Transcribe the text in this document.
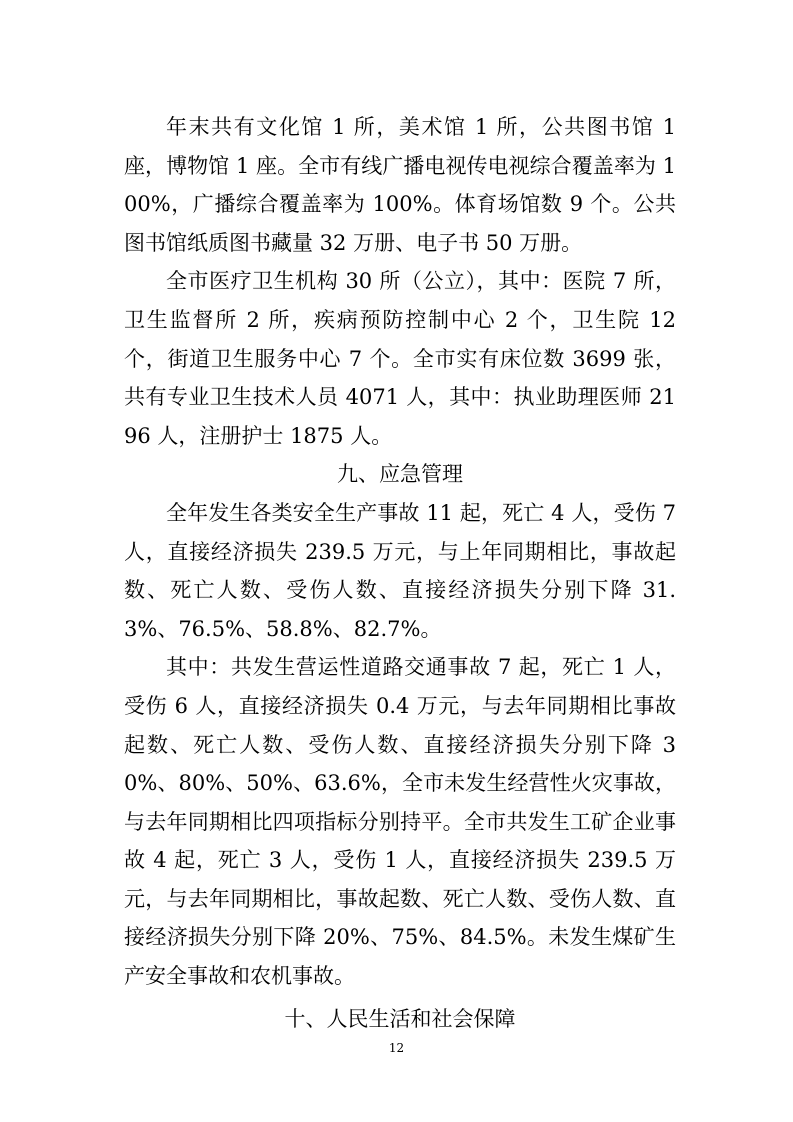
年末共有文化馆 1 所，美术馆 1 所，公共图书馆 1 座，博物馆 1 座。全市有线广播电视传电视综合覆盖率为 100%，广播综合覆盖率为 100%。体育场馆数 9 个。公共图书馆纸质图书藏量 32 万册、电子书 50 万册。

全市医疗卫生机构 30 所（公立），其中：医院 7 所，卫生监督所 2 所，疾病预防控制中心 2 个，卫生院 12 个，街道卫生服务中心 7 个。全市实有床位数 3699 张，共有专业卫生技术人员 4071 人，其中：执业助理医师 2196 人，注册护士 1875 人。

九、应急管理

全年发生各类安全生产事故 11 起，死亡 4 人，受伤 7 人，直接经济损失 239.5 万元，与上年同期相比，事故起数、死亡人数、受伤人数、直接经济损失分别下降 31.3%、76.5%、58.8%、82.7%。

其中：共发生营运性道路交通事故 7 起，死亡 1 人，受伤 6 人，直接经济损失 0.4 万元，与去年同期相比事故起数、死亡人数、受伤人数、直接经济损失分别下降 30%、80%、50%、63.6%，全市未发生经营性火灾事故，与去年同期相比四项指标分别持平。全市共发生工矿企业事故 4 起，死亡 3 人，受伤 1 人，直接经济损失 239.5 万元，与去年同期相比，事故起数、死亡人数、受伤人数、直接经济损失分别下降 20%、75%、84.5%。未发生煤矿生产安全事故和农机事故。

十、人民生活和社会保障

12
